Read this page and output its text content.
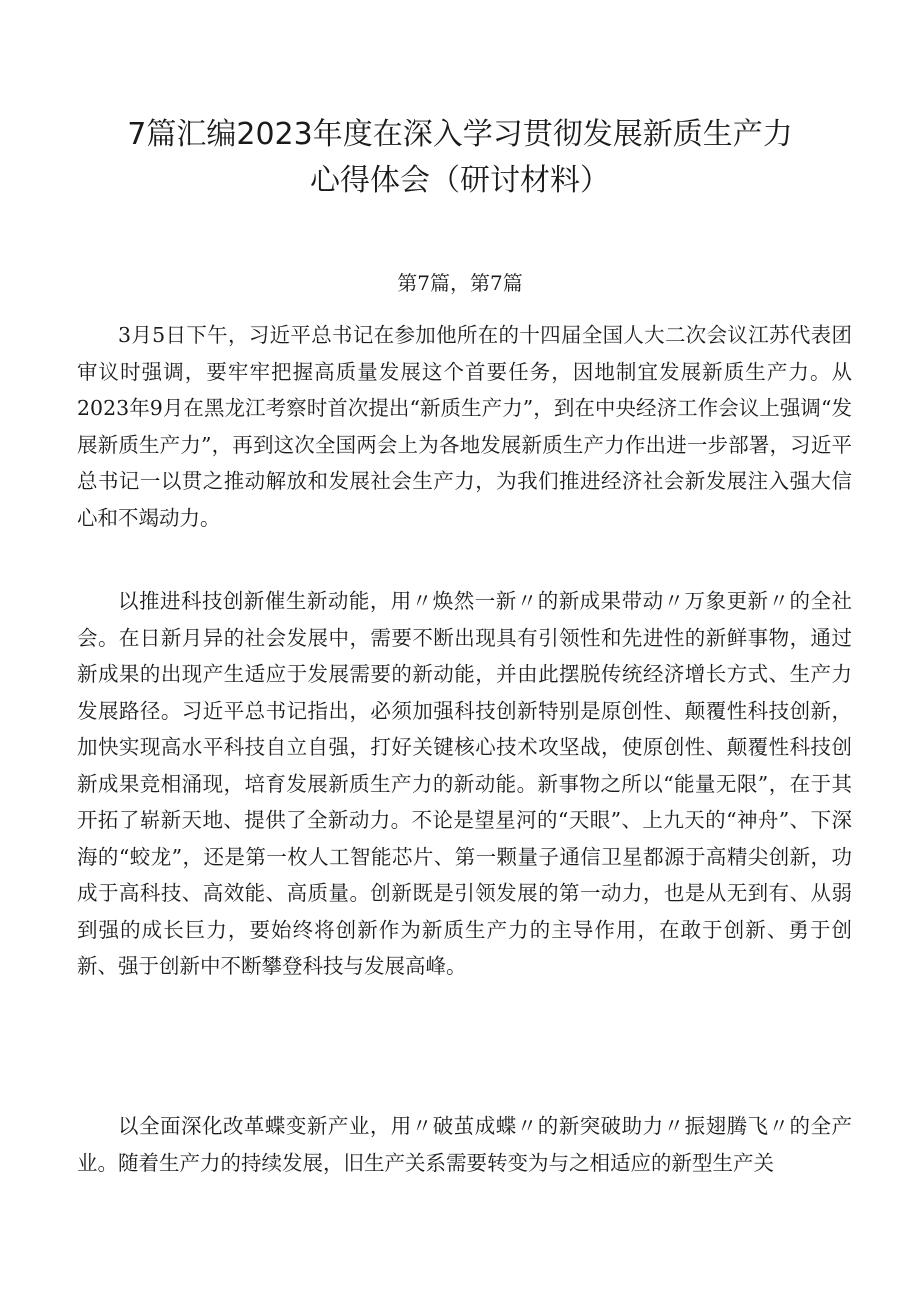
7篇汇编2023年度在深入学习贯彻发展新质生产力
心得体会（研讨材料）
第7篇，第7篇

3月5日下午，习近平总书记在参加他所在的十四届全国人大二次会议江苏代表团审议时强调，要牢牢把握高质量发展这个首要任务，因地制宜发展新质生产力。从2023年9月在黑龙江考察时首次提出“新质生产力”，到在中央经济工作会议上强调“发展新质生产力”，再到这次全国两会上为各地发展新质生产力作出进一步部署，习近平总书记一以贯之推动解放和发展社会生产力，为我们推进经济社会新发展注入强大信心和不竭动力。

以推进科技创新催生新动能，用〃焕然一新〃的新成果带动〃万象更新〃的全社会。在日新月异的社会发展中，需要不断出现具有引领性和先进性的新鲜事物，通过新成果的出现产生适应于发展需要的新动能，并由此摆脱传统经济增长方式、生产力发展路径。习近平总书记指出，必须加强科技创新特别是原创性、颠覆性科技创新，加快实现高水平科技自立自强，打好关键核心技术攻坚战，使原创性、颠覆性科技创新成果竞相涌现，培育发展新质生产力的新动能。新事物之所以“能量无限”，在于其开拓了崭新天地、提供了全新动力。不论是望星河的“天眼”、上九天的“神舟”、下深海的“蛟龙”，还是第一枚人工智能芯片、第一颗量子通信卫星都源于高精尖创新，功成于高科技、高效能、高质量。创新既是引领发展的第一动力，也是从无到有、从弱到强的成长巨力，要始终将创新作为新质生产力的主导作用，在敢于创新、勇于创新、强于创新中不断攀登科技与发展高峰。

以全面深化改革蝶变新产业，用〃破茧成蝶〃的新突破助力〃振翅腾飞〃的全产业。随着生产力的持续发展，旧生产关系需要转变为与之相适应的新型生产关
